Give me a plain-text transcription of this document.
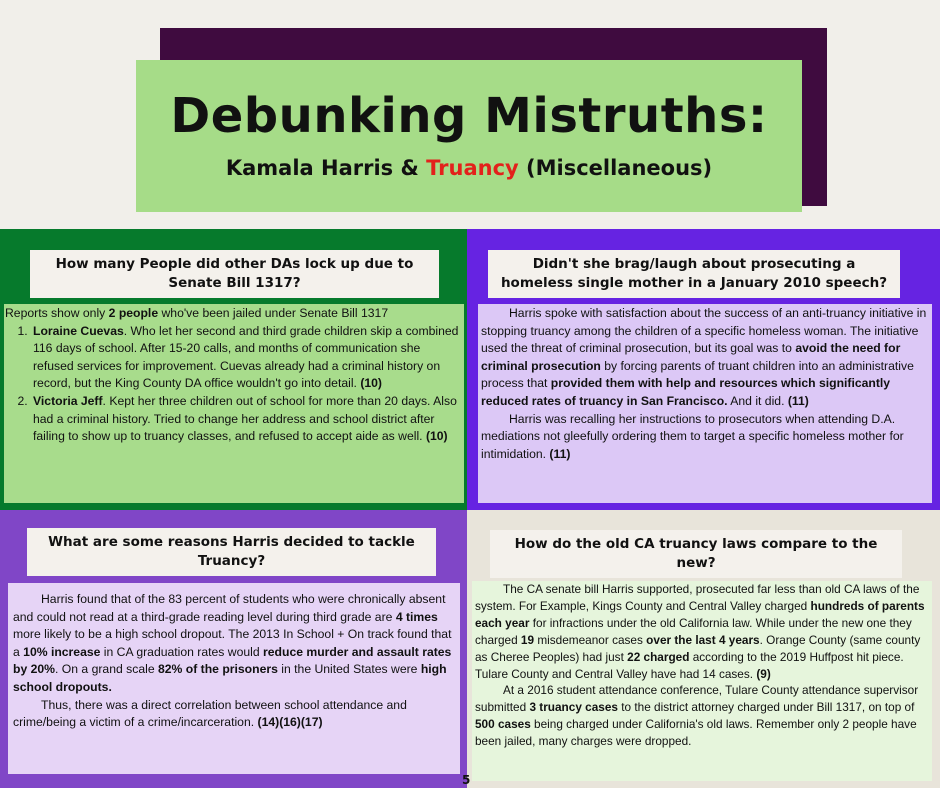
Debunking Mistruths:
Kamala Harris & Truancy (Miscellaneous)
How many People did other DAs lock up due to Senate Bill 1317?
Reports show only 2 people who've been jailed under Senate Bill 1317
1. Loraine Cuevas. Who let her second and third grade children skip a combined 116 days of school. After 15-20 calls, and months of communication she refused services for improvement. Cuevas already had a criminal history on record, but the King County DA office wouldn't go into detail. (10)
2. Victoria Jeff. Kept her three children out of school for more than 20 days. Also had a criminal history. Tried to change her address and school district after failing to show up to truancy classes, and refused to accept aide as well. (10)
Didn't she brag/laugh about prosecuting a homeless single mother in a January 2010 speech?

Harris spoke with satisfaction about the success of an anti-truancy initiative in stopping truancy among the children of a specific homeless woman. The initiative used the threat of criminal prosecution, but its goal was to avoid the need for criminal prosecution by forcing parents of truant children into an administrative process that provided them with help and resources which significantly reduced rates of truancy in San Francisco. And it did. (11)

Harris was recalling her instructions to prosecutors when attending D.A. mediations not gleefully ordering them to target a specific homeless mother for intimidation. (11)

What are some reasons Harris decided to tackle Truancy?

Harris found that of the 83 percent of students who were chronically absent and could not read at a third-grade reading level during third grade are 4 times more likely to be a high school dropout. The 2013 In School + On track found that a 10% increase in CA graduation rates would reduce murder and assault rates by 20%. On a grand scale 82% of the prisoners in the United States were high school dropouts.

Thus, there was a direct correlation between school attendance and crime/being a victim of a crime/incarceration. (14)(16)(17)

How do the old CA truancy laws compare to the new?

The CA senate bill Harris supported, prosecuted far less than old CA laws of the system. For Example, Kings County and Central Valley charged hundreds of parents each year for infractions under the old California law. While under the new one they charged 19 misdemeanor cases over the last 4 years. Orange County (same county as Cheree Peoples) had just 22 charged according to the 2019 Huffpost hit piece. Tulare County and Central Valley have had 14 cases. (9)

At a 2016 student attendance conference, Tulare County attendance supervisor submitted 3 truancy cases to the district attorney charged under Bill 1317, on top of 500 cases being charged under California's old laws. Remember only 2 people have been jailed, many charges were dropped.

5
